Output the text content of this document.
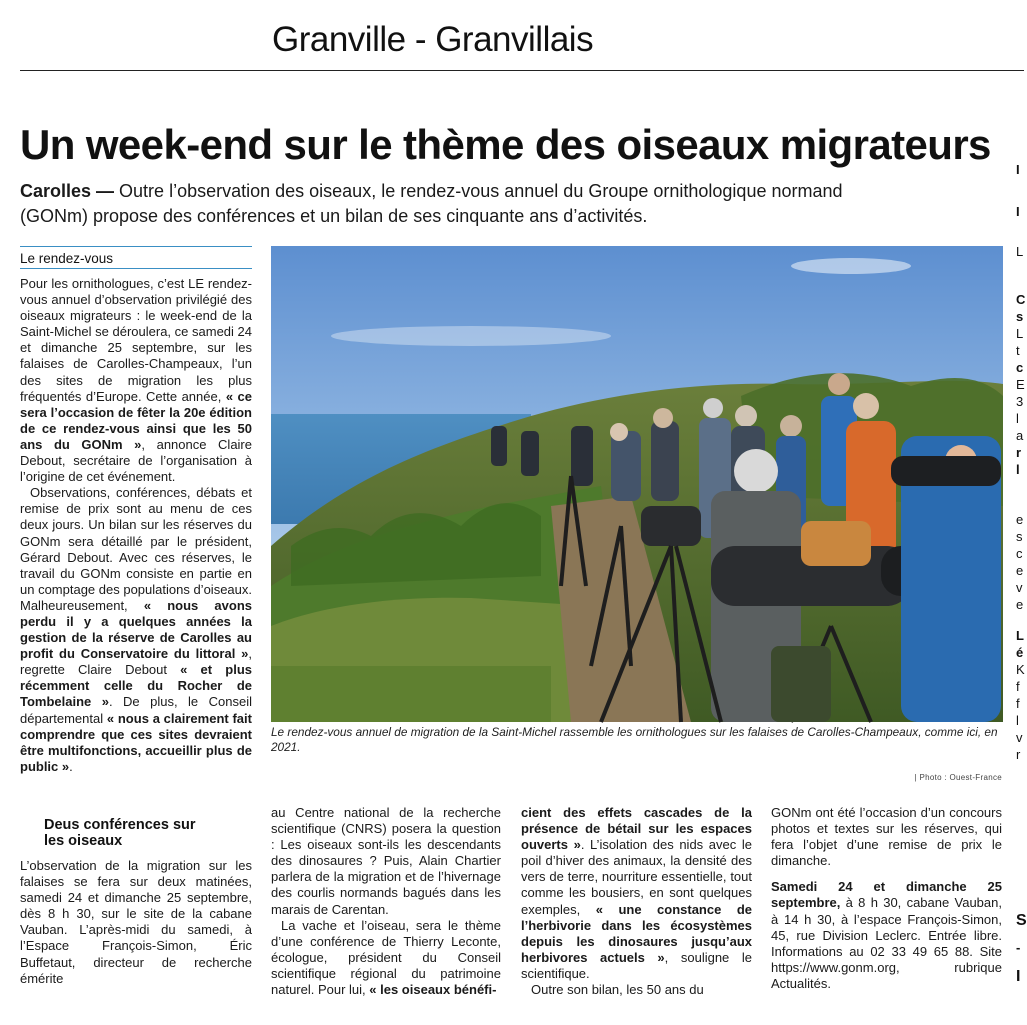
Granville - Granvillais
Un week-end sur le thème des oiseaux migrateurs
Carolles — Outre l’observation des oiseaux, le rendez-vous annuel du Groupe ornithologique normand (GONm) propose des conférences et un bilan de ses cinquante ans d’activités.
Le rendez-vous

Pour les ornithologues, c’est LE rendez-vous annuel d’observation privilégié des oiseaux migrateurs : le week-end de la Saint-Michel se déroulera, ce samedi 24 et dimanche 25 septembre, sur les falaises de Carolles-Champeaux, l’un des sites de migration les plus fréquentés d’Europe. Cette année, « ce sera l’occasion de fêter la 20e édition de ce rendez-vous ainsi que les 50 ans du GONm », annonce Claire Debout, secrétaire de l’organisation à l’origine de cet événement.

Observations, conférences, débats et remise de prix sont au menu de ces deux jours. Un bilan sur les réserves du GONm sera détaillé par le président, Gérard Debout. Avec ces réserves, le travail du GONm consiste en partie en un comptage des populations d’oiseaux. Malheureusement, « nous avons perdu il y a quelques années la gestion de la réserve de Carolles au profit du Conservatoire du littoral », regrette Claire Debout « et plus récemment celle du Rocher de Tombelaine ». De plus, le Conseil départemental « nous a clairement fait comprendre que ces sites devraient être multifonctions, accueillir plus de public ».

Deus conférences sur les oiseaux

L’observation de la migration sur les falaises se fera sur deux matinées, samedi 24 et dimanche 25 septembre, dès 8 h 30, sur le site de la cabane Vauban. L’après-midi du samedi, à l’Espace François-Simon, Éric Buffetaut, directeur de recherche émérite

Le rendez-vous annuel de migration de la Saint-Michel rassemble les ornithologues sur les falaises de Carolles-Champeaux, comme ici, en 2021.
| Photo : Ouest-France

au Centre national de la recherche scientifique (CNRS) posera la question : Les oiseaux sont-ils les descendants des dinosaures ? Puis, Alain Chartier parlera de la migration et de l’hivernage des courlis normands bagués dans les marais de Carentan.

La vache et l’oiseau, sera le thème d’une conférence de Thierry Leconte, écologue, président du Conseil scientifique régional du patrimoine naturel. Pour lui, « les oiseaux bénéfi-

cient des effets cascades de la présence de bétail sur les espaces ouverts ». L’isolation des nids avec le poil d’hiver des animaux, la densité des vers de terre, nourriture essentielle, tout comme les bousiers, en sont quelques exemples, « une constance de l’herbivorie dans les écosystèmes depuis les dinosaures jusqu’aux herbivores actuels », souligne le scientifique.

Outre son bilan, les 50 ans du

GONm ont été l’occasion d’un concours photos et textes sur les réserves, qui fera l’objet d’une remise de prix le dimanche.

Samedi 24 et dimanche 25 septembre, à 8 h 30, cabane Vauban, à 14 h 30, à l’espace François-Simon, 45, rue Division Leclerc. Entrée libre. Informations au 02 33 49 65 88. Site https://www.gonm.org, rubrique Actualités.

I
I
L
C
s
L
t
c
E
3
l
a
r
l
e
s
c
e
v
e
L
é
K
f
f
l
v
r
S
-
I
